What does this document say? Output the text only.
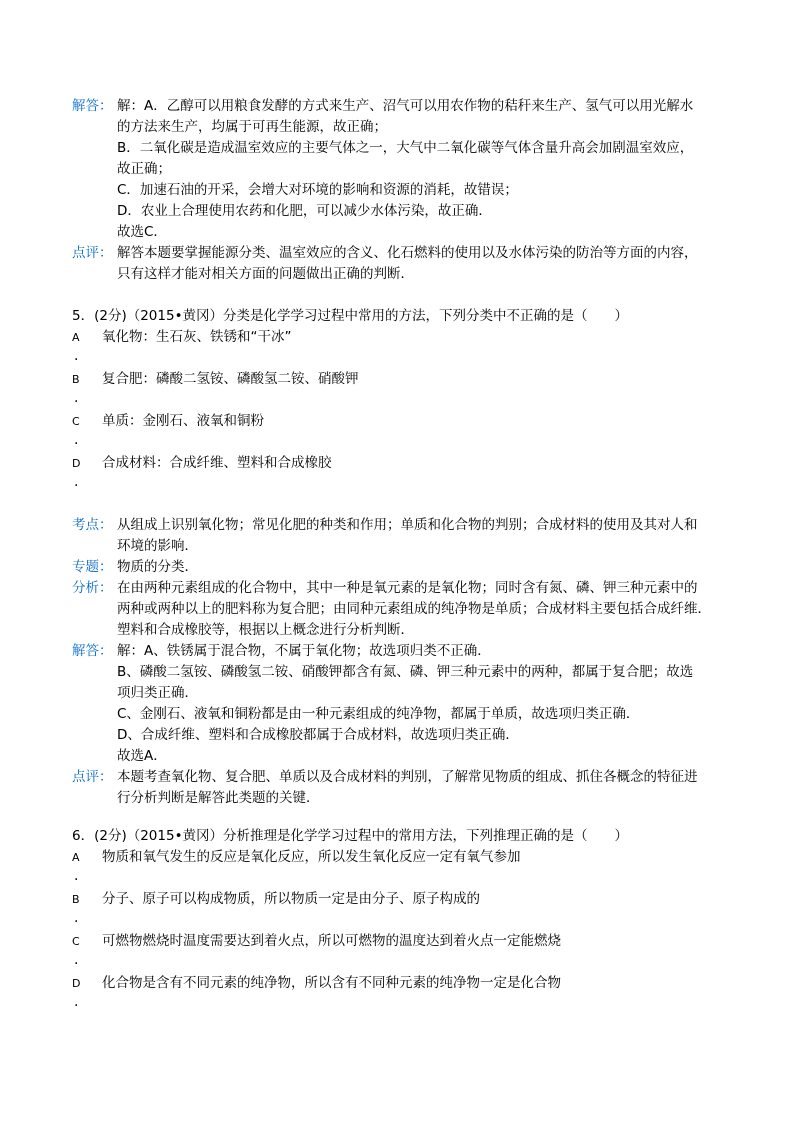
解答： 解：A．乙醇可以用粮食发酵的方式来生产、沼气可以用农作物的秸秆来生产、氢气可以用光解水

的方法来生产，均属于可再生能源，故正确；

B．二氧化碳是造成温室效应的主要气体之一，大气中二氧化碳等气体含量升高会加剧温室效应，

故正确；

C．加速石油的开采，会增大对环境的影响和资源的消耗，故错误；

D．农业上合理使用农药和化肥，可以减少水体污染，故正确．

故选C．

点评： 解答本题要掌握能源分类、温室效应的含义、化石燃料的使用以及水体污染的防治等方面的内容，

只有这样才能对相关方面的问题做出正确的判断．

5．(2分)（2015•黄冈）分类是化学学习过程中常用的方法，下列分类中不正确的是（　　）
A	氧化物：生石灰、铁锈和“干冰”
.
B	复合肥：磷酸二氢铵、磷酸氢二铵、硝酸钾
.
C	单质：金刚石、液氧和铜粉
.
D	合成材料：合成纤维、塑料和合成橡胶
.
考点： 从组成上识别氧化物；常见化肥的种类和作用；单质和化合物的判别；合成材料的使用及其对人和

环境的影响．

专题： 物质的分类．

分析： 在由两种元素组成的化合物中，其中一种是氧元素的是氧化物；同时含有氮、磷、钾三种元素中的

两种或两种以上的肥料称为复合肥；由同种元素组成的纯净物是单质；合成材料主要包括合成纤维．

塑料和合成橡胶等，根据以上概念进行分析判断．

解答： 解：A、铁锈属于混合物，不属于氧化物；故选项归类不正确．

B、磷酸二氢铵、磷酸氢二铵、硝酸钾都含有氮、磷、钾三种元素中的两种，都属于复合肥；故选

项归类正确．

C、金刚石、液氧和铜粉都是由一种元素组成的纯净物，都属于单质，故选项归类正确．

D、合成纤维、塑料和合成橡胶都属于合成材料，故选项归类正确．

故选A．

点评： 本题考查氧化物、复合肥、单质以及合成材料的判别，了解常见物质的组成、抓住各概念的特征进

行分析判断是解答此类题的关键．

6．(2分)（2015•黄冈）分析推理是化学学习过程中的常用方法，下列推理正确的是（　　）
A	物质和氧气发生的反应是氧化反应，所以发生氧化反应一定有氧气参加
.
B	分子、原子可以构成物质，所以物质一定是由分子、原子构成的
.
C	可燃物燃烧时温度需要达到着火点，所以可燃物的温度达到着火点一定能燃烧
.
D	化合物是含有不同元素的纯净物，所以含有不同种元素的纯净物一定是化合物
.
